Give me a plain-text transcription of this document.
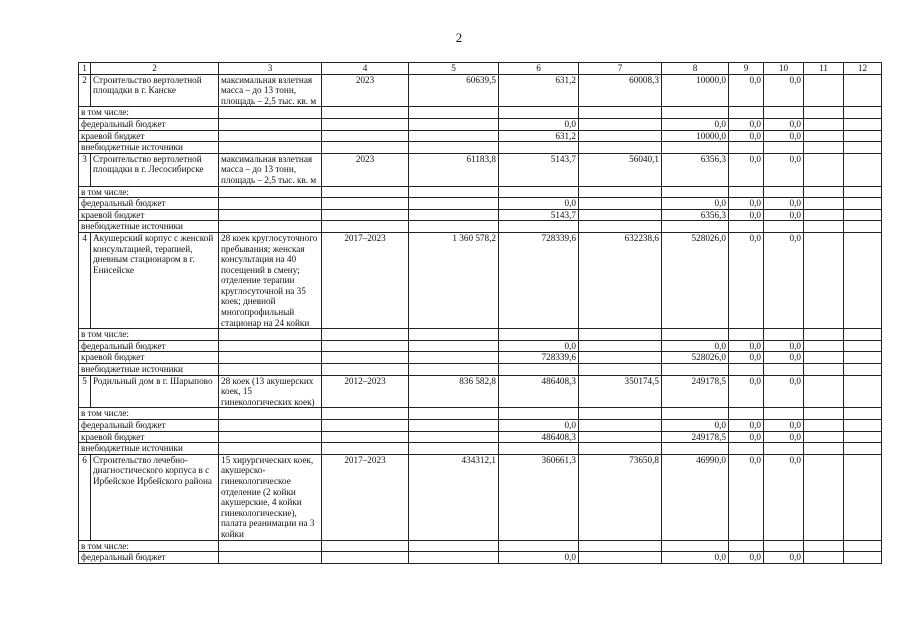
2
1	2	3	4	5	6	7	8	9	10	11	12
2	Строительство вертолетной площадки в г. Канске	максимальная взлетная масса – до 13 тонн, площадь – 2,5 тыс. кв. м	2023	60639,5	631,2	60008,3	10000,0	0,0	0,0		
в том числе:											
федеральный бюджет					0,0		0,0	0,0	0,0		
краевой бюджет					631,2		10000,0	0,0	0,0		
внебюджетные источники											
3	Строительство вертолетной площадки в г. Лесосибирске	максимальная взлетная масса – до 13 тонн, площадь – 2,5 тыс. кв. м	2023	61183,8	5143,7	56040,1	6356,3	0,0	0,0		
в том числе:											
федеральный бюджет					0,0		0,0	0,0	0,0		
краевой бюджет					5143,7		6356,3	0,0	0,0		
внебюджетные источники											
4	Акушерский корпус с женской консультацией, терапией, дневным стационаром в г. Енисейске	28 коек круглосуточного пребывания; женская консультация на 40 посещений в смену; отделение терапии круглосуточной на 35 коек; дневной многопрофильный стационар на 24 койки	2017–2023	1 360 578,2	728339,6	632238,6	528026,0	0,0	0,0		
в том числе:											
федеральный бюджет					0,0		0,0	0,0	0,0		
краевой бюджет					728339,6		528026,0	0,0	0,0		
внебюджетные источники											
5	Родильный дом в г. Шарыпово	28 коек (13 акушерских коек, 15 гинекологических коек)	2012–2023	836 582,8	486408,3	350174,5	249178,5	0,0	0,0		
в том числе:											
федеральный бюджет					0,0		0,0	0,0	0,0		
краевой бюджет					486408,3		249178,5	0,0	0,0		
внебюджетные источники											
6	Строительство лечебно-диагностического корпуса в с Ирбейское Ирбейского района	15 хирургических коек, акушерско-гинекологическое отделение (2 койки акушерские, 4 койки гинекологические), палата реанимации на 3 койки	2017–2023	434312,1	360661,3	73650,8	46990,0	0,0	0,0		
в том числе:											
федеральный бюджет					0,0		0,0	0,0	0,0		
